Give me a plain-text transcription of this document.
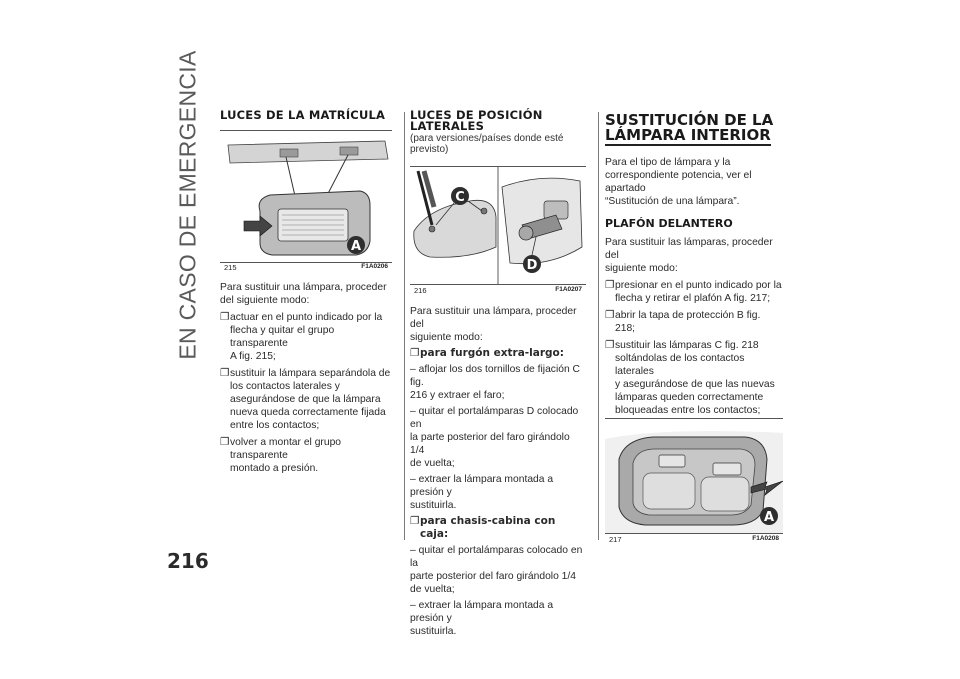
EN CASO DE EMERGENCIA
216
LUCES DE LA MATRÍCULA
A
215	F1A0206

Para sustituir una lámpara, proceder

del siguiente modo:

❐ actuar en el punto indicado por la
flecha y quitar el grupo transparente
A fig. 215;
❐ sustituir la lámpara separándola de
los contactos laterales y
asegurándose de que la lámpara
nueva queda correctamente fijada
entre los contactos;
❐ volver a montar el grupo transparente
montado a presión.
LUCES DE POSICIÓN
LATERALES

(para versiones/países donde esté

previsto)

C
D
216	F1A0207

Para sustituir una lámpara, proceder del

siguiente modo:

❐ para furgón extra-largo:

– aflojar los dos tornillos de fijación C fig.

216 y extraer el faro;

– quitar el portalámparas D colocado en

la parte posterior del faro girándolo 1/4

de vuelta;

– extraer la lámpara montada a presión y

sustituirla.

❐ para chasis-cabina con caja:

– quitar el portalámparas colocado en la

parte posterior del faro girándolo 1/4

de vuelta;

– extraer la lámpara montada a presión y

sustituirla.

SUSTITUCIÓN DE LA
LÁMPARA INTERIOR

Para el tipo de lámpara y la

correspondiente potencia, ver el apartado

“Sustitución de una lámpara”.

PLAFÓN DELANTERO

Para sustituir las lámparas, proceder del

siguiente modo:

❐ presionar en el punto indicado por la
flecha y retirar el plafón A fig. 217;
❐ abrir la tapa de protección B fig. 218;
❐ sustituir las lámparas C fig. 218
soltándolas de los contactos laterales
y asegurándose de que las nuevas
lámparas queden correctamente
bloqueadas entre los contactos;
A
217	F1A0208
